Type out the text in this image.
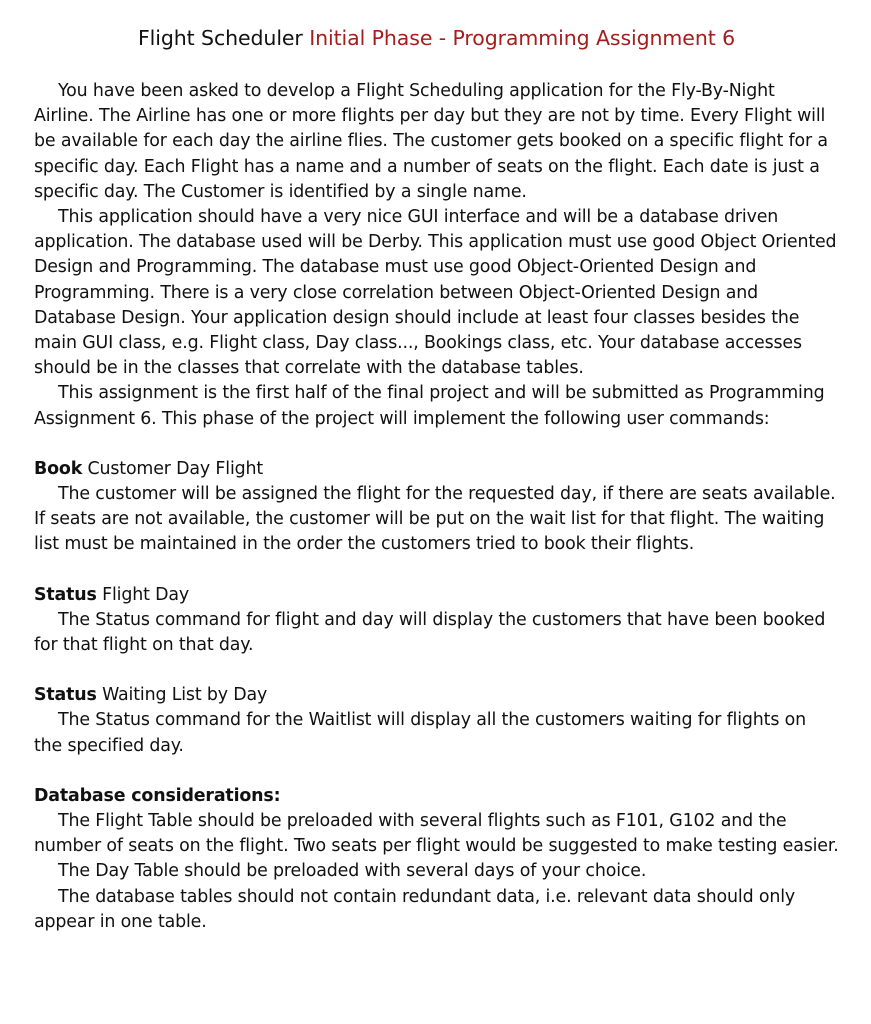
Flight Scheduler Initial Phase - Programming Assignment 6

You have been asked to develop a Flight Scheduling application for the Fly-By-Night Airline. The Airline has one or more flights per day but they are not by time. Every Flight will be available for each day the airline flies. The customer gets booked on a specific flight for a specific day. Each Flight has a name and a number of seats on the flight. Each date is just a specific day. The Customer is identified by a single name.

This application should have a very nice GUI interface and will be a database driven application. The database used will be Derby. This application must use good Object Oriented Design and Programming. The database must use good Object-Oriented Design and Programming. There is a very close correlation between Object-Oriented Design and Database Design. Your application design should include at least four classes besides the main GUI class, e.g. Flight class, Day class..., Bookings class, etc. Your database accesses should be in the classes that correlate with the database tables.

This assignment is the first half of the final project and will be submitted as Programming Assignment 6. This phase of the project will implement the following user commands:

Book Customer Day Flight

The customer will be assigned the flight for the requested day, if there are seats available. If seats are not available, the customer will be put on the wait list for that flight. The waiting list must be maintained in the order the customers tried to book their flights.

Status Flight Day

The Status command for flight and day will display the customers that have been booked for that flight on that day.

Status Waiting List by Day

The Status command for the Waitlist will display all the customers waiting for flights on the specified day.

Database considerations:

The Flight Table should be preloaded with several flights such as F101, G102 and the number of seats on the flight. Two seats per flight would be suggested to make testing easier.

The Day Table should be preloaded with several days of your choice.

The database tables should not contain redundant data, i.e. relevant data should only appear in one table.
